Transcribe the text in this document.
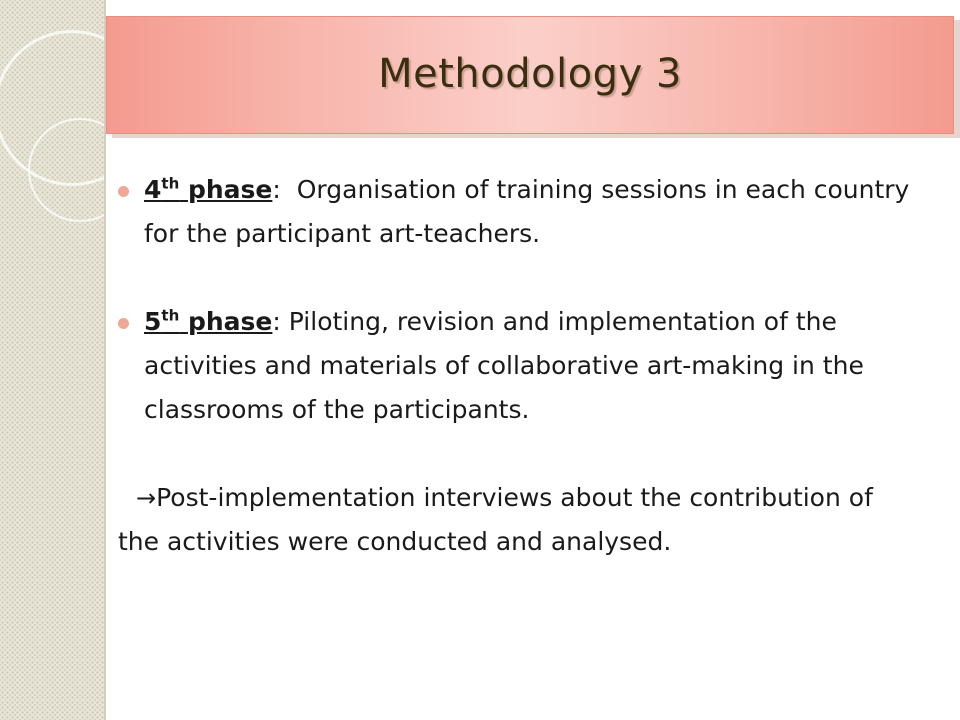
Methodology 3

4th phase: Organisation of training sessions in each country for the participant art-teachers.

5th phase: Piloting, revision and implementation of the activities and materials of collaborative art-making in the classrooms of the participants.

→Post-implementation interviews about the contribution of the activities were conducted and analysed.
